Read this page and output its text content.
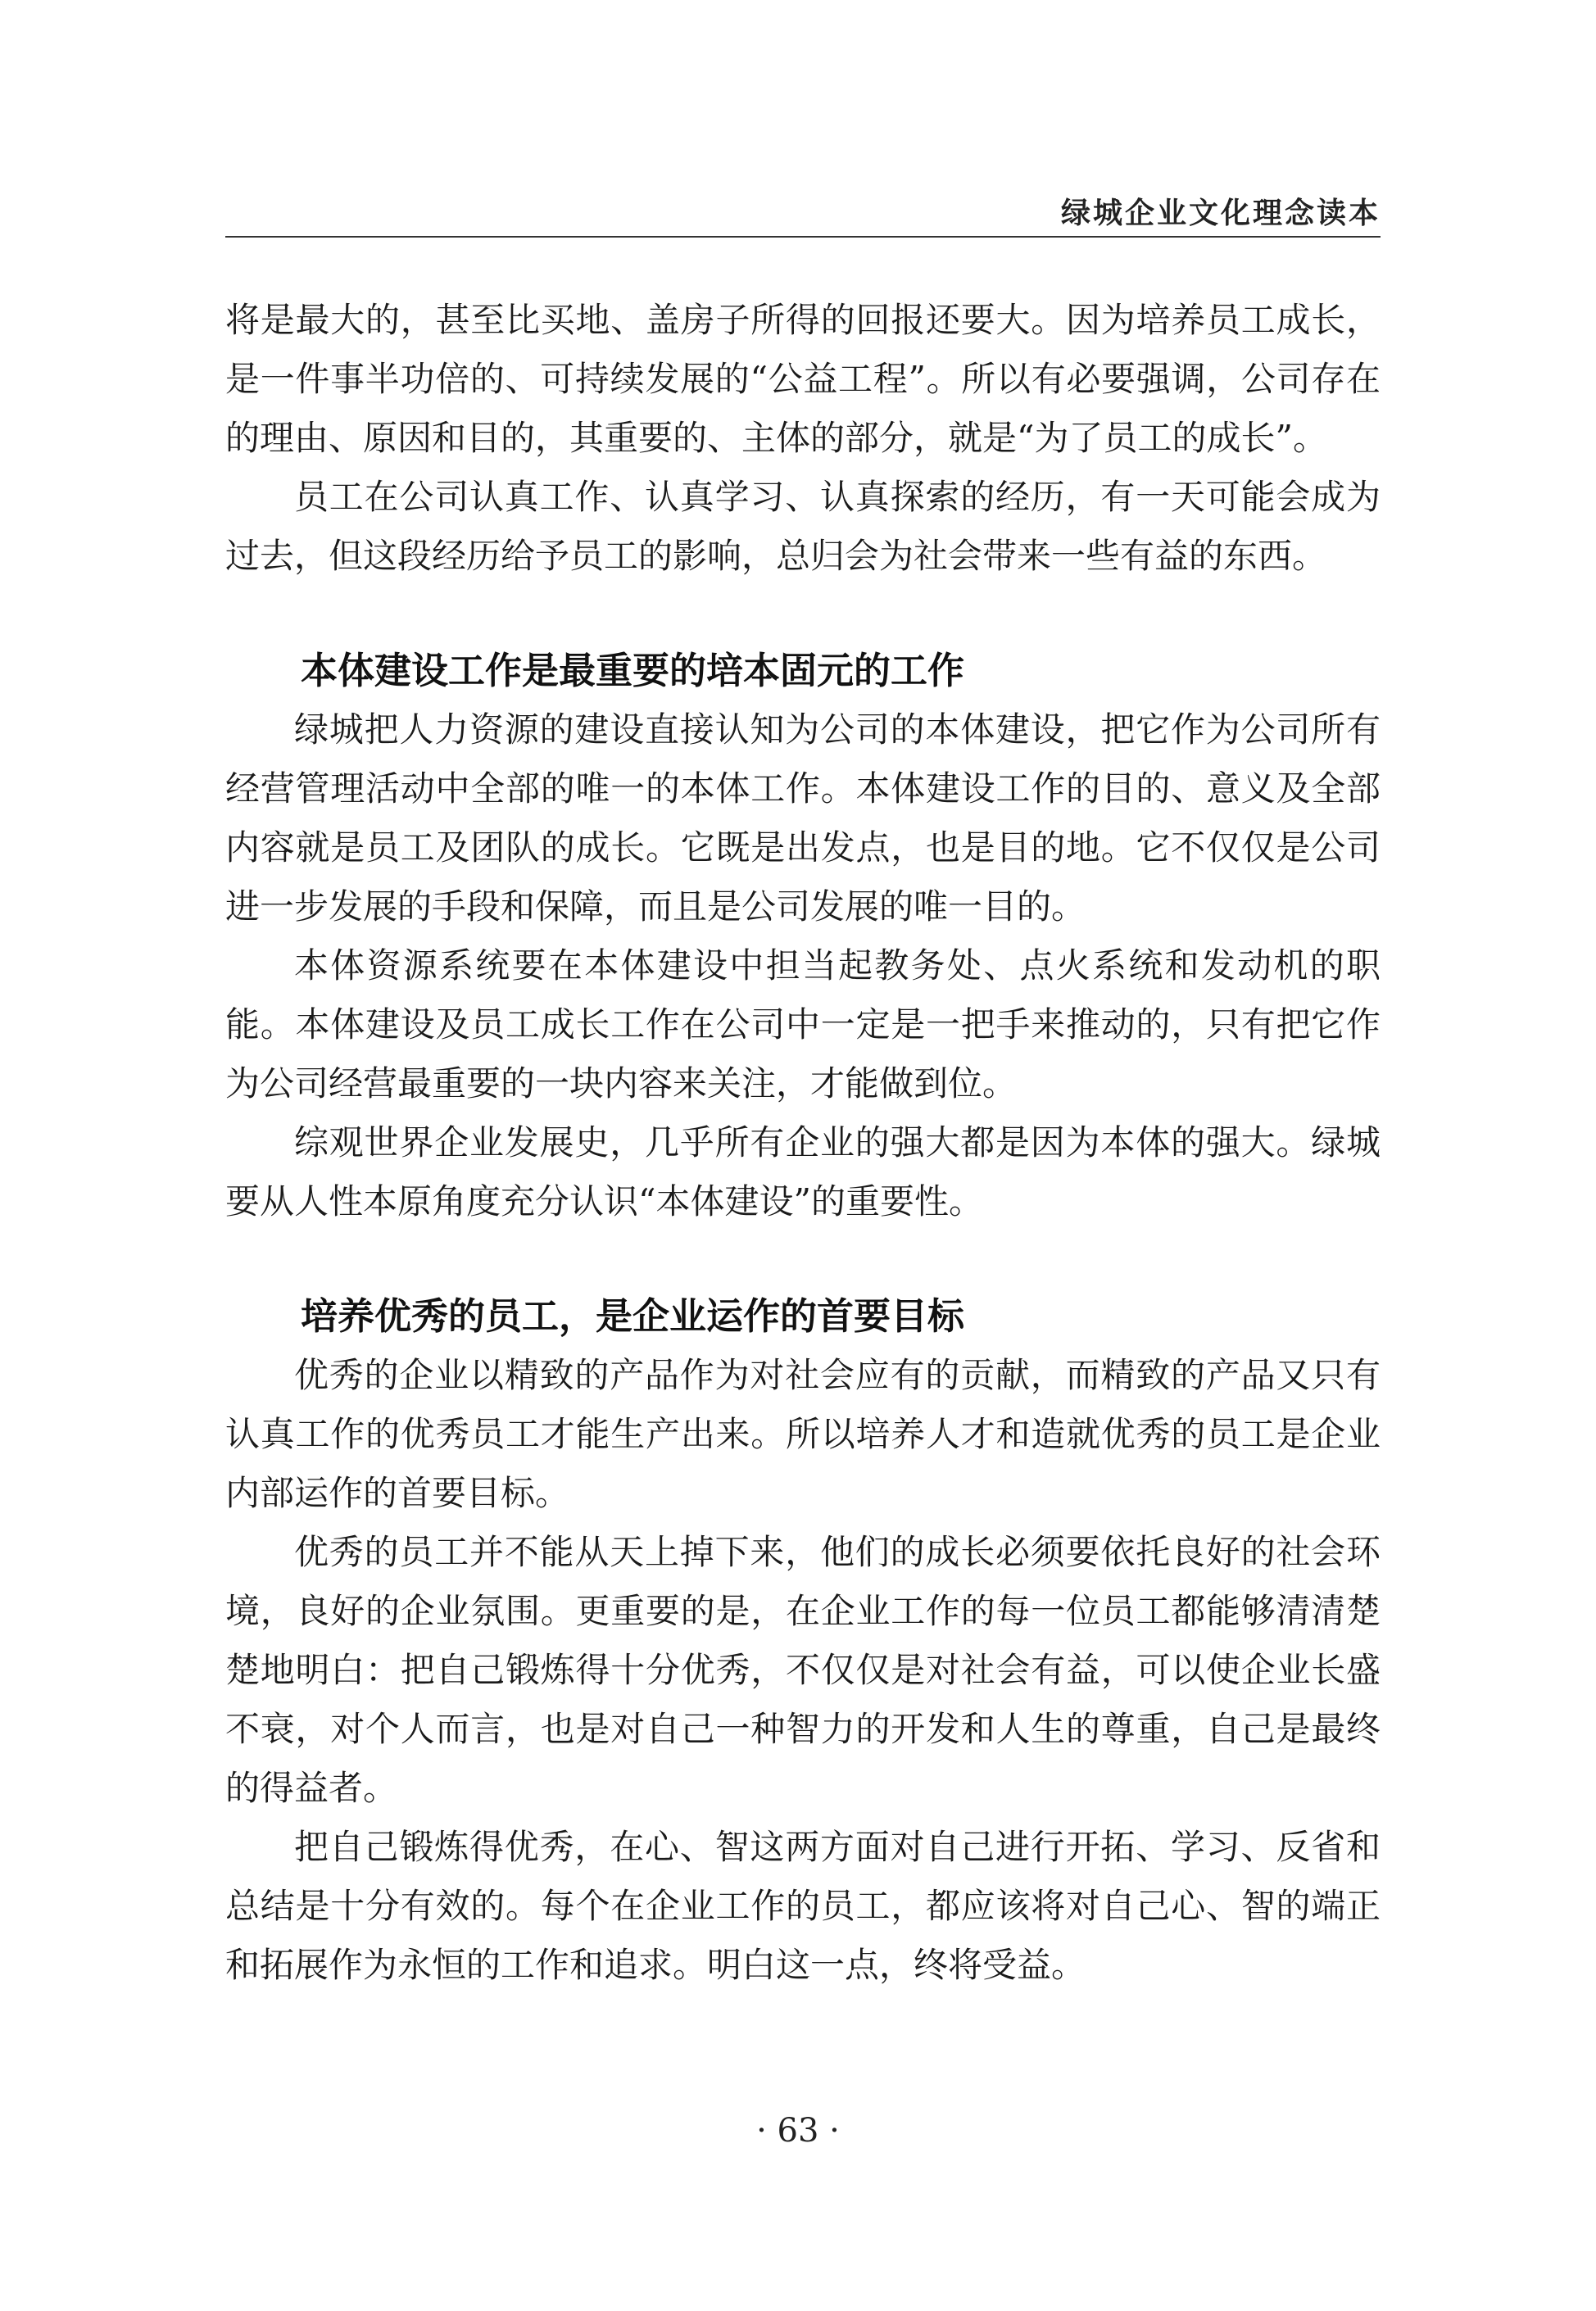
绿城企业文化理念读本

将是最大的，甚至比买地、盖房子所得的回报还要大。因为培养员工成长，是一件事半功倍的、可持续发展的“公益工程”。所以有必要强调，公司存在的理由、原因和目的，其重要的、主体的部分，就是“为了员工的成长”。

员工在公司认真工作、认真学习、认真探索的经历，有一天可能会成为过去，但这段经历给予员工的影响，总归会为社会带来一些有益的东西。

本体建设工作是最重要的培本固元的工作

绿城把人力资源的建设直接认知为公司的本体建设，把它作为公司所有经营管理活动中全部的唯一的本体工作。本体建设工作的目的、意义及全部内容就是员工及团队的成长。它既是出发点，也是目的地。它不仅仅是公司进一步发展的手段和保障，而且是公司发展的唯一目的。

本体资源系统要在本体建设中担当起教务处、点火系统和发动机的职能。本体建设及员工成长工作在公司中一定是一把手来推动的，只有把它作为公司经营最重要的一块内容来关注，才能做到位。

综观世界企业发展史，几乎所有企业的强大都是因为本体的强大。绿城要从人性本原角度充分认识“本体建设”的重要性。

培养优秀的员工，是企业运作的首要目标

优秀的企业以精致的产品作为对社会应有的贡献，而精致的产品又只有认真工作的优秀员工才能生产出来。所以培养人才和造就优秀的员工是企业内部运作的首要目标。

优秀的员工并不能从天上掉下来，他们的成长必须要依托良好的社会环境，良好的企业氛围。更重要的是，在企业工作的每一位员工都能够清清楚楚地明白：把自己锻炼得十分优秀，不仅仅是对社会有益，可以使企业长盛不衰，对个人而言，也是对自己一种智力的开发和人生的尊重，自己是最终的得益者。

把自己锻炼得优秀，在心、智这两方面对自己进行开拓、学习、反省和总结是十分有效的。每个在企业工作的员工，都应该将对自己心、智的端正和拓展作为永恒的工作和追求。明白这一点，终将受益。

· 63 ·
